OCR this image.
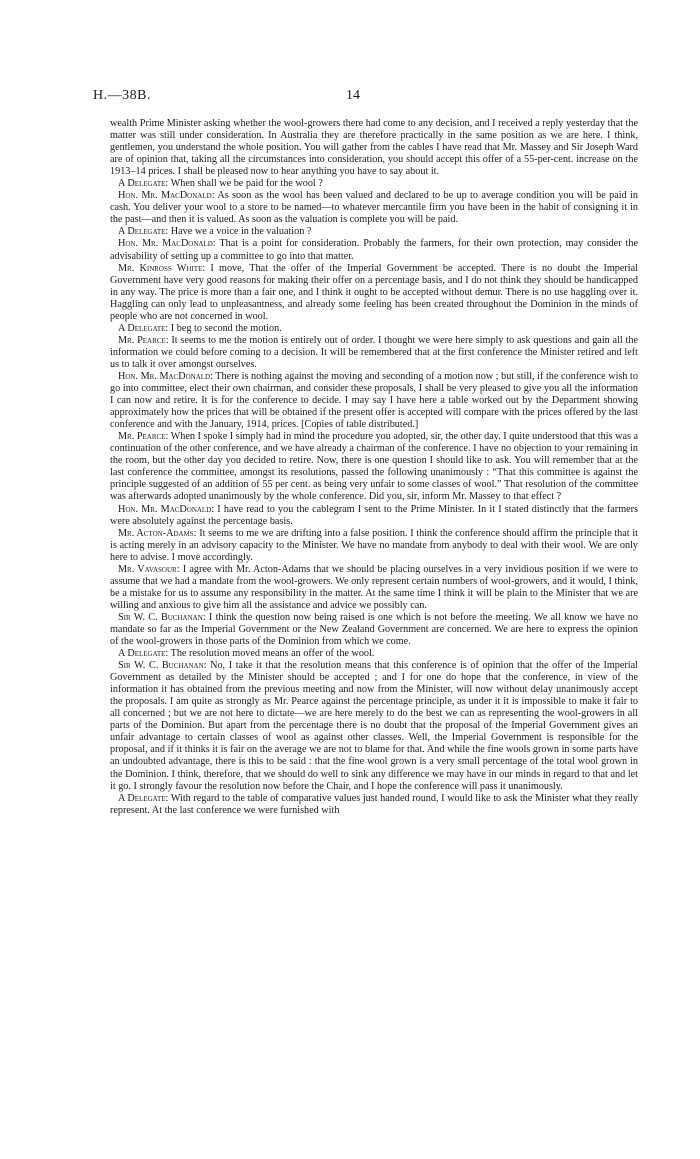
H.—38B.	14

wealth Prime Minister asking whether the wool-growers there had come to any decision, and I received a reply yesterday that the matter was still under consideration. In Australia they are therefore practically in the same position as we are here. I think, gentlemen, you understand the whole position. You will gather from the cables I have read that Mr. Massey and Sir Joseph Ward are of opinion that, taking all the circumstances into consideration, you should accept this offer of a 55-per-cent. increase on the 1913–14 prices. I shall be pleased now to hear anything you have to say about it.

A Delegate: When shall we be paid for the wool ?

Hon. Mr. MacDonald: As soon as the wool has been valued and declared to be up to average condition you will be paid in cash. You deliver your wool to a store to be named—to whatever mercantile firm you have been in the habit of consigning it in the past—and then it is valued. As soon as the valuation is complete you will be paid.

A Delegate: Have we a voice in the valuation ?

Hon. Mr. MacDonald: That is a point for consideration. Probably the farmers, for their own protection, may consider the advisability of setting up a committee to go into that matter.

Mr. Kinross White: I move, That the offer of the Imperial Government be accepted. There is no doubt the Imperial Government have very good reasons for making their offer on a percentage basis, and I do not think they should be handicapped in any way. The price is more than a fair one, and I think it ought to be accepted without demur. There is no use haggling over it. Haggling can only lead to unpleasantness, and already some feeling has been created throughout the Dominion in the minds of people who are not concerned in wool.

A Delegate: I beg to second the motion.

Mr. Pearce: It seems to me the motion is entirely out of order. I thought we were here simply to ask questions and gain all the information we could before coming to a decision. It will be remembered that at the first conference the Minister retired and left us to talk it over amongst ourselves.

Hon. Mr. MacDonald: There is nothing against the moving and seconding of a motion now ; but still, if the conference wish to go into committee, elect their own chairman, and consider these proposals, I shall be very pleased to give you all the information I can now and retire. It is for the conference to decide. I may say I have here a table worked out by the Department showing approximately how the prices that will be obtained if the present offer is accepted will compare with the prices offered by the last conference and with the January, 1914, prices. [Copies of table distributed.]

Mr. Pearce: When I spoke I simply had in mind the procedure you adopted, sir, the other day. I quite understood that this was a continuation of the other conference, and we have already a chairman of the conference. I have no objection to your remaining in the room, but the other day you decided to retire. Now, there is one question I should like to ask. You will remember that at the last conference the committee, amongst its resolutions, passed the following unanimously : “That this committee is against the principle suggested of an addition of 55 per cent. as being very unfair to some classes of wool.” That resolution of the committee was afterwards adopted unanimously by the whole conference. Did you, sir, inform Mr. Massey to that effect ?

Hon. Mr. MacDonald: I have read to you the cablegram I sent to the Prime Minister. In it I stated distinctly that the farmers were absolutely against the percentage basis.

Mr. Acton-Adams: It seems to me we are drifting into a false position. I think the conference should affirm the principle that it is acting merely in an advisory capacity to the Minister. We have no mandate from anybody to deal with their wool. We are only here to advise. I move accordingly.

Mr. Vavasour: I agree with Mr. Acton-Adams that we should be placing ourselves in a very invidious position if we were to assume that we had a mandate from the wool-growers. We only represent certain numbers of wool-growers, and it would, I think, be a mistake for us to assume any responsibility in the matter. At the same time I think it will be plain to the Minister that we are willing and anxious to give him all the assistance and advice we possibly can.

Sir W. C. Buchanan: I think the question now being raised is one which is not before the meeting. We all know we have no mandate so far as the Imperial Government or the New Zealand Government are concerned. We are here to express the opinion of the wool-growers in those parts of the Dominion from which we come.

A Delegate: The resolution moved means an offer of the wool.

Sir W. C. Buchanan: No, I take it that the resolution means that this conference is of opinion that the offer of the Imperial Government as detailed by the Minister should be accepted ; and I for one do hope that the conference, in view of the information it has obtained from the previous meeting and now from the Minister, will now without delay unanimously accept the proposals. I am quite as strongly as Mr. Pearce against the percentage principle, as under it it is impossible to make it fair to all concerned ; but we are not here to dictate—we are here merely to do the best we can as representing the wool-growers in all parts of the Dominion. But apart from the percentage there is no doubt that the proposal of the Imperial Government gives an unfair advantage to certain classes of wool as against other classes. Well, the Imperial Government is responsible for the proposal, and if it thinks it is fair on the average we are not to blame for that. And while the fine wools grown in some parts have an undoubted advantage, there is this to be said : that the fine wool grown is a very small percentage of the total wool grown in the Dominion. I think, therefore, that we should do well to sink any difference we may have in our minds in regard to that and let it go. I strongly favour the resolution now before the Chair, and I hope the conference will pass it unanimously.

A Delegate: With regard to the table of comparative values just handed round, I would like to ask the Minister what they really represent. At the last conference we were furnished with
